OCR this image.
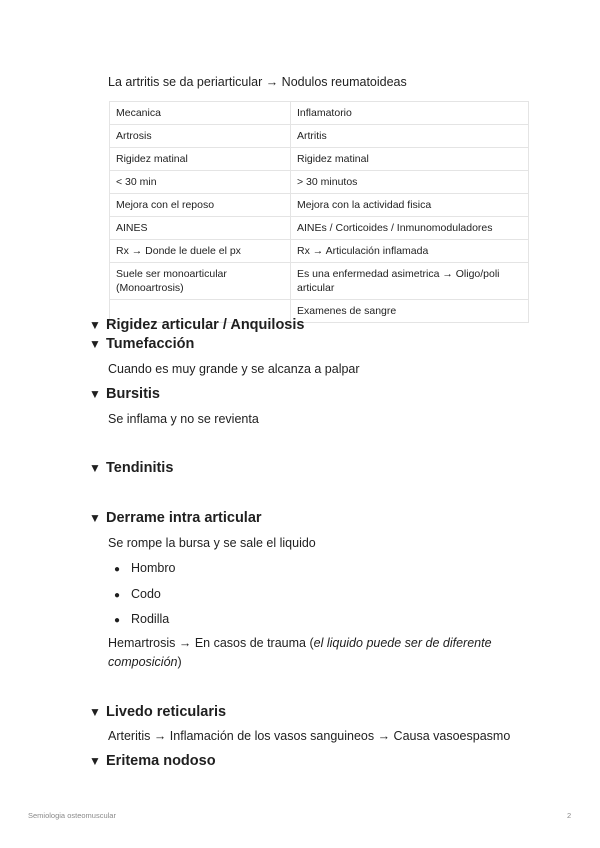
La artritis se da periarticular → Nodulos reumatoideas
Mecanica	Inflamatorio
Artrosis	Artritis
Rigidez matinal	Rigidez matinal
< 30 min	> 30 minutos
Mejora con el reposo	Mejora con la actividad fisica
AINES	AINEs / Corticoides / Inmunomoduladores
Rx → Donde le duele el px	Rx → Articulación inflamada
Suele ser monoarticular (Monoartrosis)	Es una enfermedad asimetrica → Oligo/poli articular
	Examenes de sangre
▼ Rigidez articular / Anquilosis
▼ Tumefacción
Cuando es muy grande y se alcanza a palpar
▼ Bursitis
Se inflama y no se revienta
▼ Tendinitis
▼ Derrame intra articular
Se rompe la bursa y se sale el liquido
● Hombro
● Codo
● Rodilla
Hemartrosis → En casos de trauma (el liquido puede ser de diferente composición)
▼ Livedo reticularis
Arteritis → Inflamación de los vasos sanguineos → Causa vasoespasmo
▼ Eritema nodoso
Semiologia osteomuscular	2
